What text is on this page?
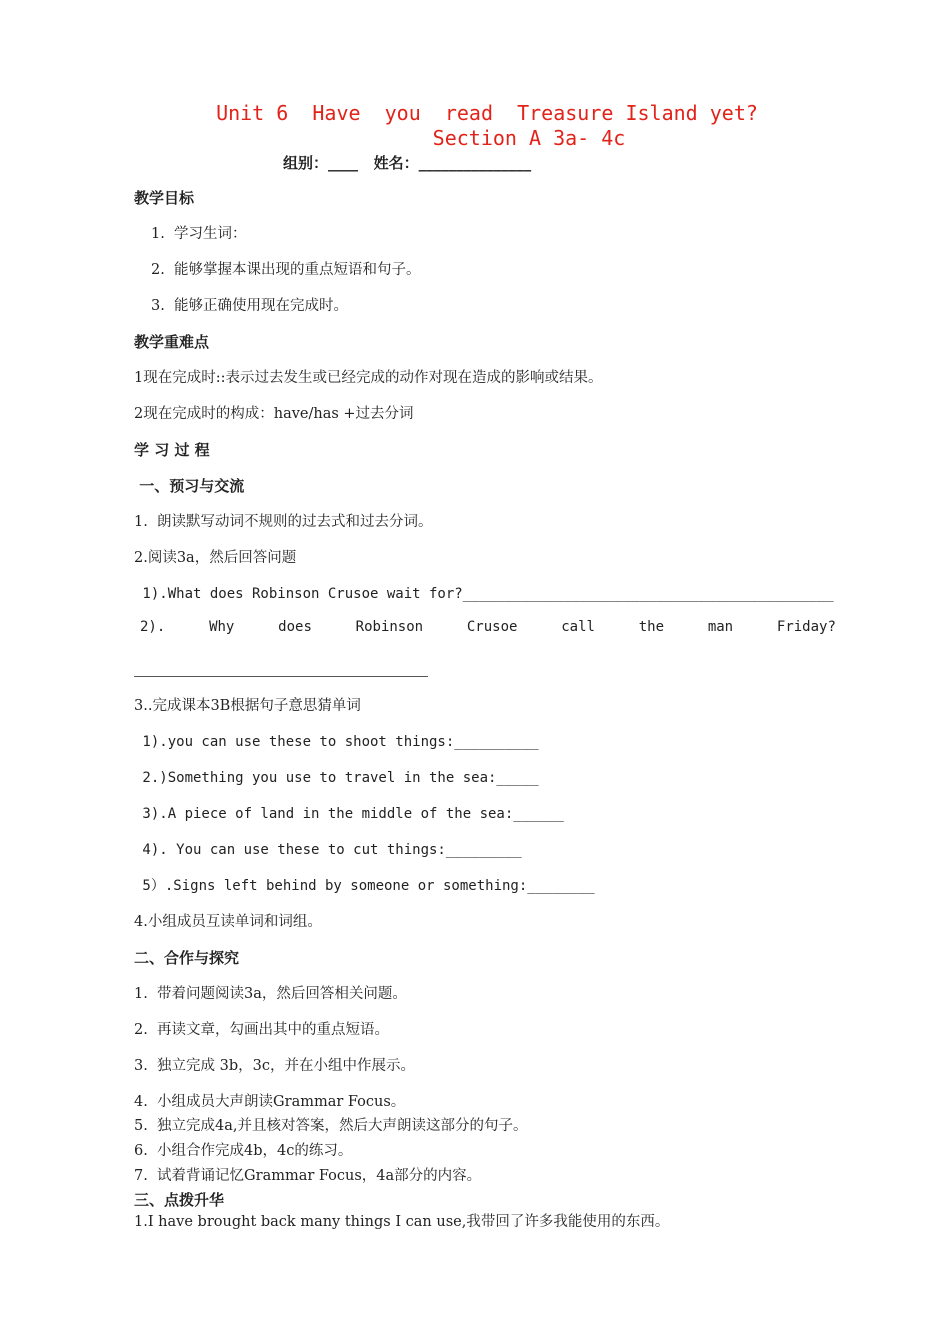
Unit 6  Have  you  read  Treasure Island yet?
Section A 3a- 4c
组别：____   姓名：_______________
教学目标
1.  学习生词：
2.  能够掌握本课出现的重点短语和句子。
3.  能够正确使用现在完成时。
教学重难点
1现在完成时::表示过去发生或已经完成的动作对现在造成的影响或结果。
2现在完成时的构成：have/has +过去分词
学 习 过 程
一、预习与交流
1.  朗读默写动词不规则的过去式和过去分词。
2.阅读3a，然后回答问题
1).What does Robinson Crusoe wait for?____________________________________________
2).	Why	does	Robinson	Crusoe	call	the	man	Friday?
3..完成课本3B根据句子意思猜单词
1).you can use these to shoot things:__________
2.)Something you use to travel in the sea:_____
3).A piece of land in the middle of the sea:______
4). You can use these to cut things:_________
5）.Signs left behind by someone or something:________
4.小组成员互读单词和词组。
二、合作与探究
1.  带着问题阅读3a，然后回答相关问题。
2.  再读文章，勾画出其中的重点短语。
3.  独立完成 3b，3c，并在小组中作展示。
4.  小组成员大声朗读Grammar Focus。
5.  独立完成4a,并且核对答案，然后大声朗读这部分的句子。
6.  小组合作完成4b，4c的练习。
7.  试着背诵记忆Grammar Focus，4a部分的内容。
三、点拨升华
1.I have brought back many things I can use,我带回了许多我能使用的东西。
